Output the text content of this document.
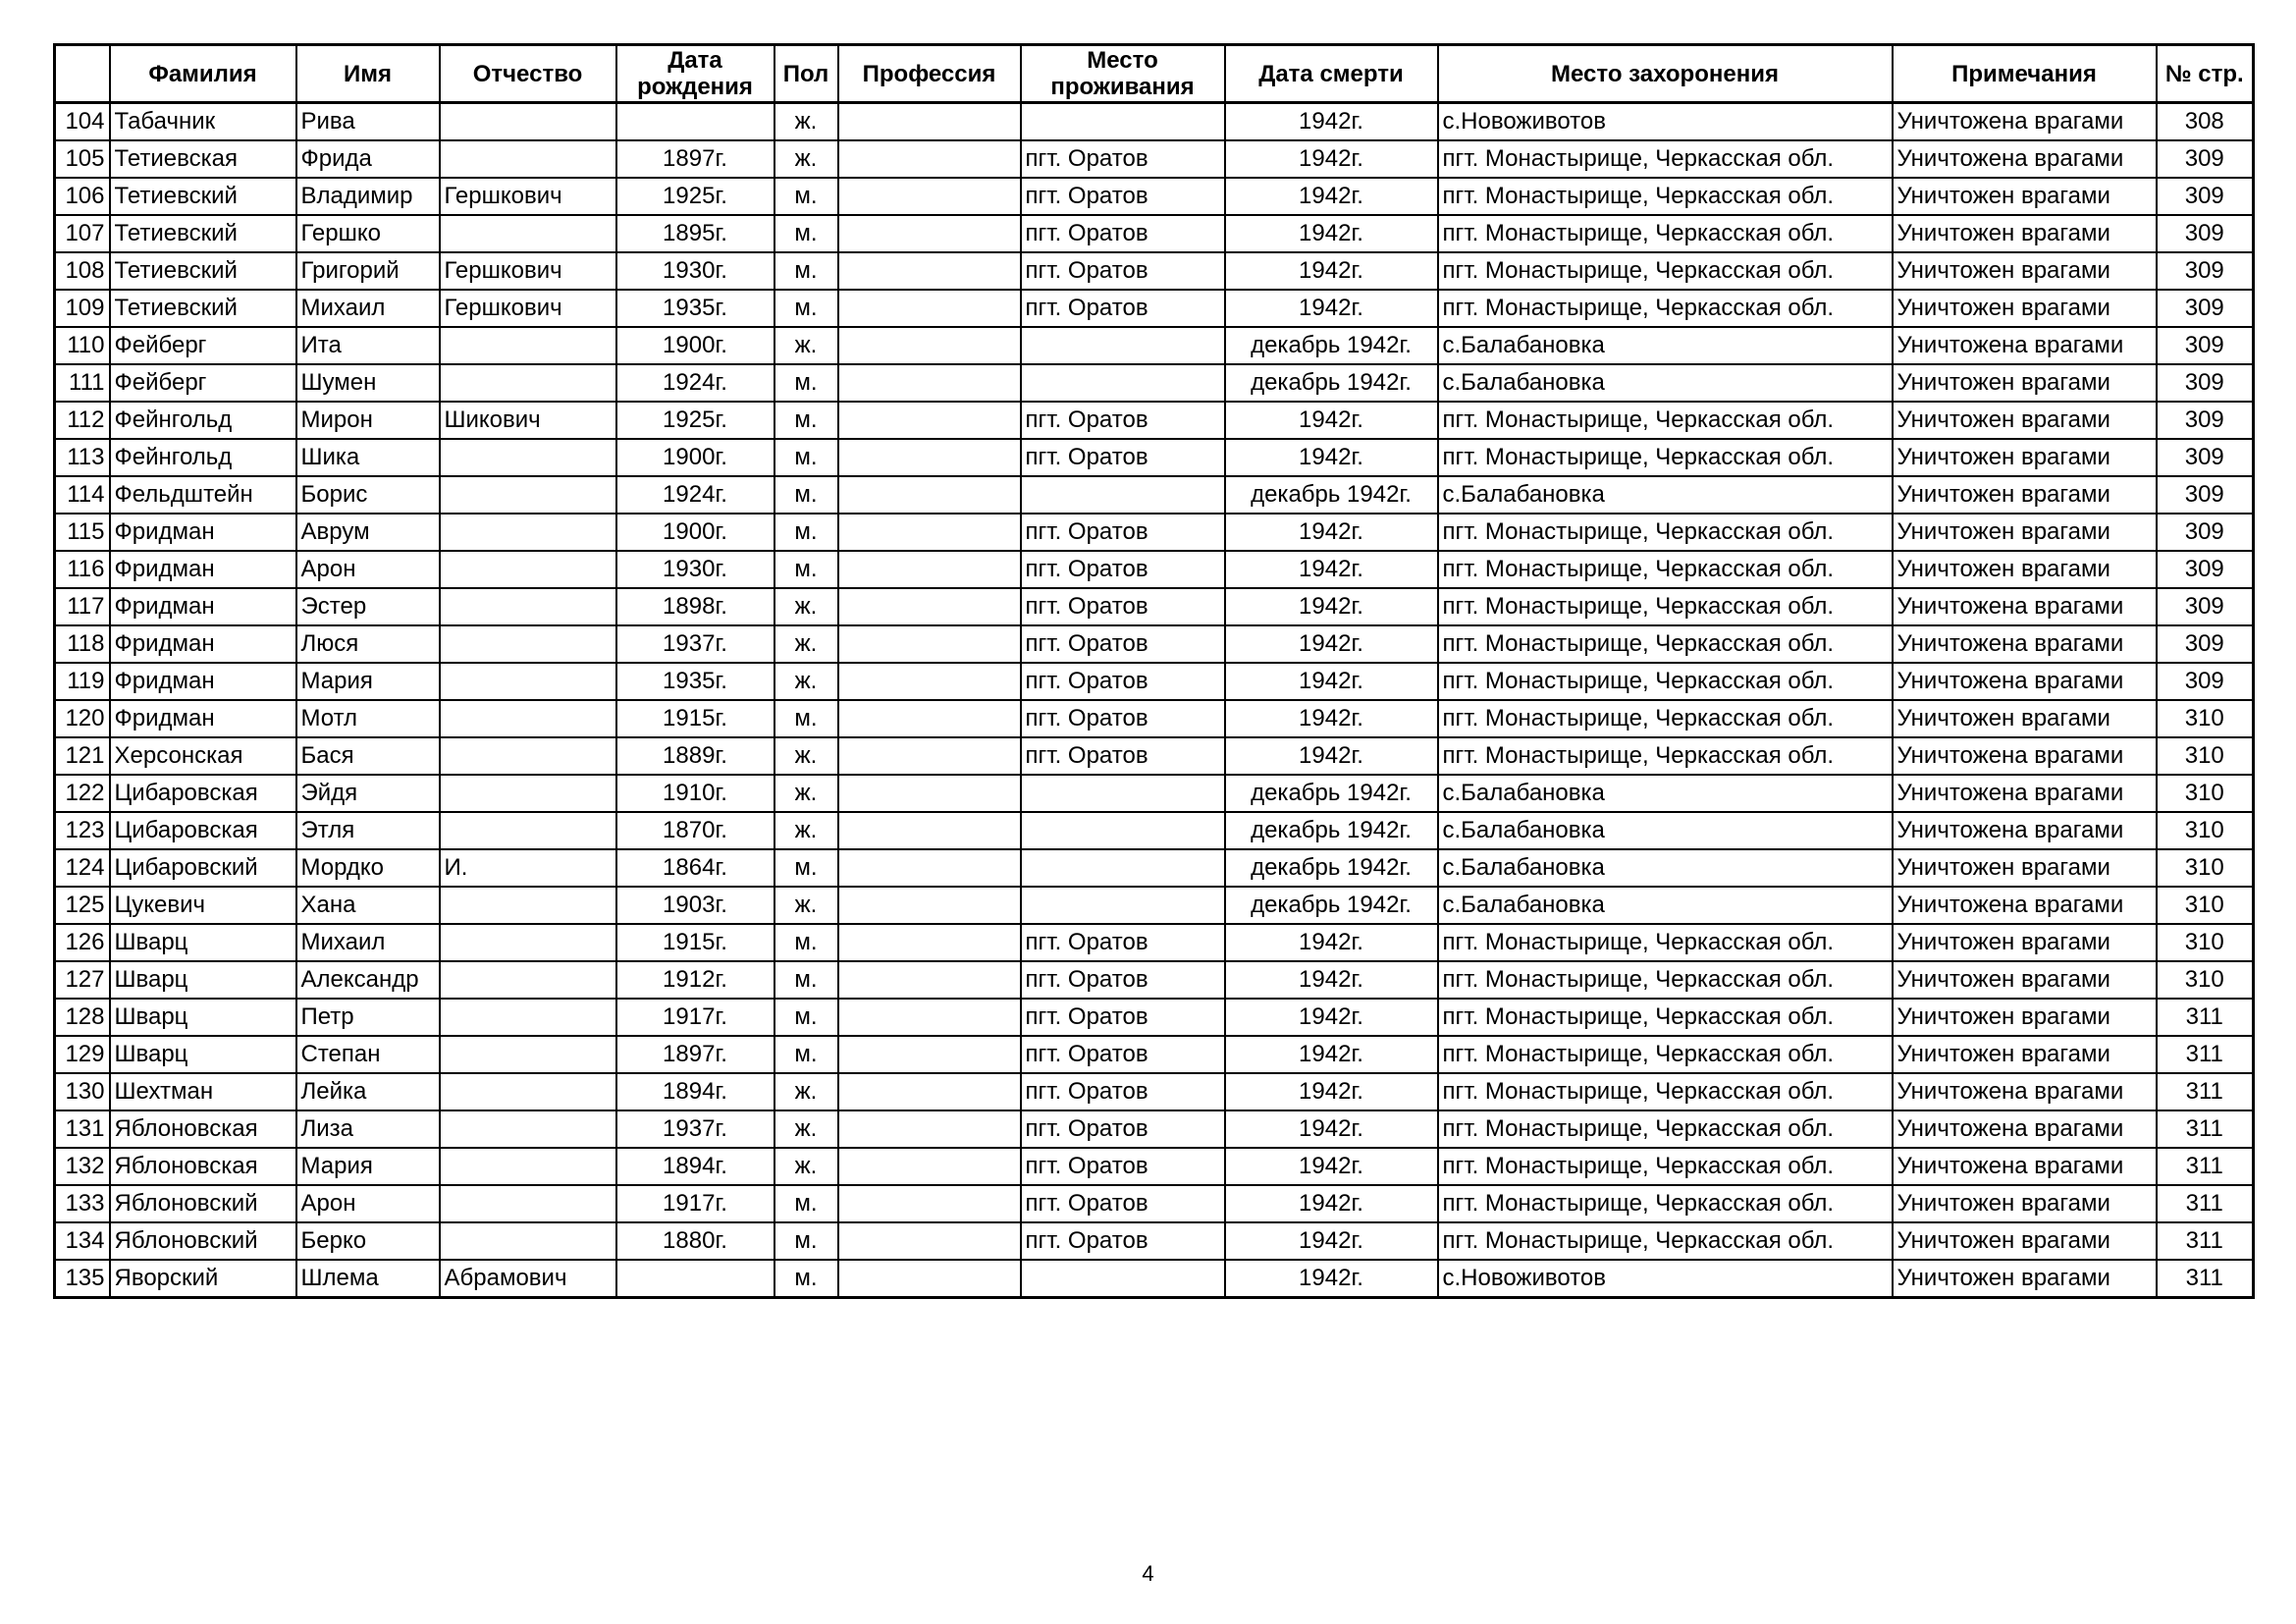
	Фамилия	Имя	Отчество	Дата рождения	Пол	Профессия	Место проживания	Дата смерти	Место захоронения	Примечания	№ стр.
104	Табачник	Рива			ж.			1942г.	с.Новоживотов	Уничтожена врагами	308
105	Тетиевская	Фрида		1897г.	ж.		пгт. Оратов	1942г.	пгт. Монастырище, Черкасская обл.	Уничтожена врагами	309
106	Тетиевский	Владимир	Гершкович	1925г.	м.		пгт. Оратов	1942г.	пгт. Монастырище, Черкасская обл.	Уничтожен врагами	309
107	Тетиевский	Гершко		1895г.	м.		пгт. Оратов	1942г.	пгт. Монастырище, Черкасская обл.	Уничтожен врагами	309
108	Тетиевский	Григорий	Гершкович	1930г.	м.		пгт. Оратов	1942г.	пгт. Монастырище, Черкасская обл.	Уничтожен врагами	309
109	Тетиевский	Михаил	Гершкович	1935г.	м.		пгт. Оратов	1942г.	пгт. Монастырище, Черкасская обл.	Уничтожен врагами	309
110	Фейберг	Ита		1900г.	ж.			декабрь 1942г.	с.Балабановка	Уничтожена врагами	309
111	Фейберг	Шумен		1924г.	м.			декабрь 1942г.	с.Балабановка	Уничтожен врагами	309
112	Фейнгольд	Мирон	Шикович	1925г.	м.		пгт. Оратов	1942г.	пгт. Монастырище, Черкасская обл.	Уничтожен врагами	309
113	Фейнгольд	Шика		1900г.	м.		пгт. Оратов	1942г.	пгт. Монастырище, Черкасская обл.	Уничтожен врагами	309
114	Фельдштейн	Борис		1924г.	м.			декабрь 1942г.	с.Балабановка	Уничтожен врагами	309
115	Фридман	Аврум		1900г.	м.		пгт. Оратов	1942г.	пгт. Монастырище, Черкасская обл.	Уничтожен врагами	309
116	Фридман	Арон		1930г.	м.		пгт. Оратов	1942г.	пгт. Монастырище, Черкасская обл.	Уничтожен врагами	309
117	Фридман	Эстер		1898г.	ж.		пгт. Оратов	1942г.	пгт. Монастырище, Черкасская обл.	Уничтожена врагами	309
118	Фридман	Люся		1937г.	ж.		пгт. Оратов	1942г.	пгт. Монастырище, Черкасская обл.	Уничтожена врагами	309
119	Фридман	Мария		1935г.	ж.		пгт. Оратов	1942г.	пгт. Монастырище, Черкасская обл.	Уничтожена врагами	309
120	Фридман	Мотл		1915г.	м.		пгт. Оратов	1942г.	пгт. Монастырище, Черкасская обл.	Уничтожен врагами	310
121	Херсонская	Бася		1889г.	ж.		пгт. Оратов	1942г.	пгт. Монастырище, Черкасская обл.	Уничтожена врагами	310
122	Цибаровская	Эйдя		1910г.	ж.			декабрь 1942г.	с.Балабановка	Уничтожена врагами	310
123	Цибаровская	Этля		1870г.	ж.			декабрь 1942г.	с.Балабановка	Уничтожена врагами	310
124	Цибаровский	Мордко	И.	1864г.	м.			декабрь 1942г.	с.Балабановка	Уничтожен врагами	310
125	Цукевич	Хана		1903г.	ж.			декабрь 1942г.	с.Балабановка	Уничтожена врагами	310
126	Шварц	Михаил		1915г.	м.		пгт. Оратов	1942г.	пгт. Монастырище, Черкасская обл.	Уничтожен врагами	310
127	Шварц	Александр		1912г.	м.		пгт. Оратов	1942г.	пгт. Монастырище, Черкасская обл.	Уничтожен врагами	310
128	Шварц	Петр		1917г.	м.		пгт. Оратов	1942г.	пгт. Монастырище, Черкасская обл.	Уничтожен врагами	311
129	Шварц	Степан		1897г.	м.		пгт. Оратов	1942г.	пгт. Монастырище, Черкасская обл.	Уничтожен врагами	311
130	Шехтман	Лейка		1894г.	ж.		пгт. Оратов	1942г.	пгт. Монастырище, Черкасская обл.	Уничтожена врагами	311
131	Яблоновская	Лиза		1937г.	ж.		пгт. Оратов	1942г.	пгт. Монастырище, Черкасская обл.	Уничтожена врагами	311
132	Яблоновская	Мария		1894г.	ж.		пгт. Оратов	1942г.	пгт. Монастырище, Черкасская обл.	Уничтожена врагами	311
133	Яблоновский	Арон		1917г.	м.		пгт. Оратов	1942г.	пгт. Монастырище, Черкасская обл.	Уничтожен врагами	311
134	Яблоновский	Берко		1880г.	м.		пгт. Оратов	1942г.	пгт. Монастырище, Черкасская обл.	Уничтожен врагами	311
135	Яворский	Шлема	Абрамович		м.			1942г.	с.Новоживотов	Уничтожен врагами	311
4
